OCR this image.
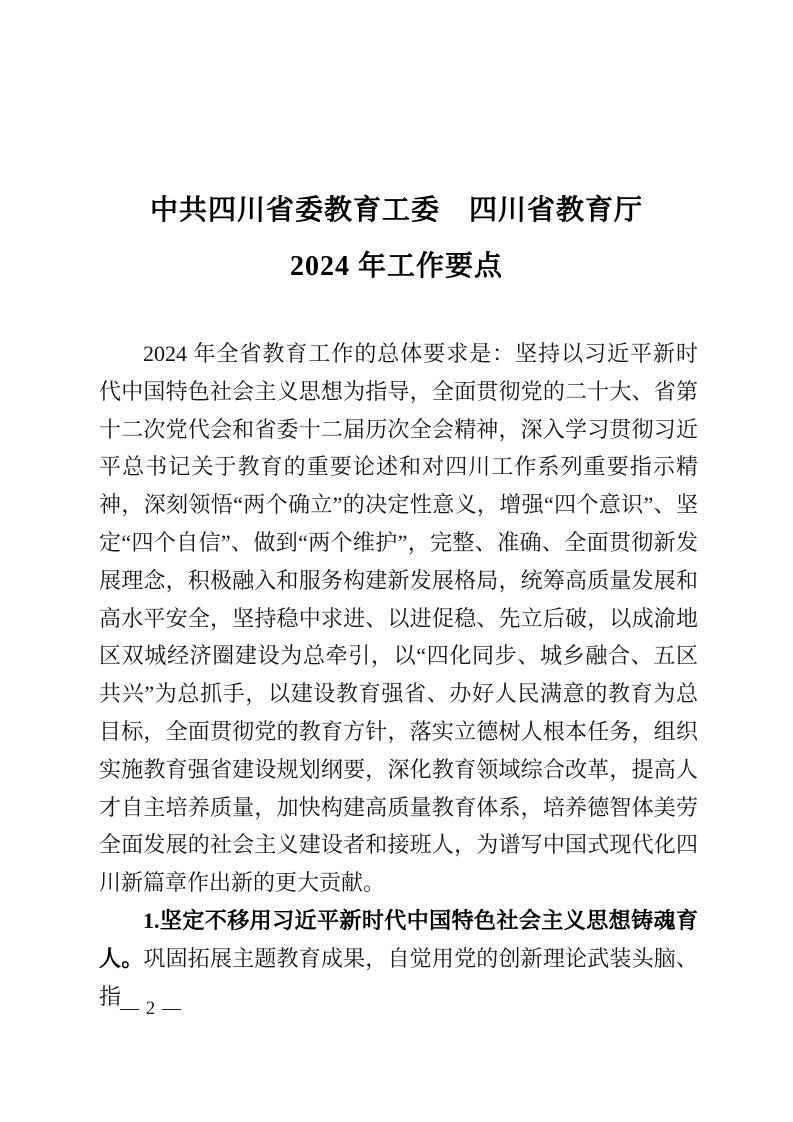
中共四川省委教育工委　四川省教育厅
2024 年工作要点

2024 年全省教育工作的总体要求是：坚持以习近平新时代中国特色社会主义思想为指导，全面贯彻党的二十大、省第十二次党代会和省委十二届历次全会精神，深入学习贯彻习近平总书记关于教育的重要论述和对四川工作系列重要指示精神，深刻领悟“两个确立”的决定性意义，增强“四个意识”、坚定“四个自信”、做到“两个维护”，完整、准确、全面贯彻新发展理念，积极融入和服务构建新发展格局，统筹高质量发展和高水平安全，坚持稳中求进、以进促稳、先立后破，以成渝地区双城经济圈建设为总牵引，以“四化同步、城乡融合、五区共兴”为总抓手，以建设教育强省、办好人民满意的教育为总目标，全面贯彻党的教育方针，落实立德树人根本任务，组织实施教育强省建设规划纲要，深化教育领域综合改革，提高人才自主培养质量，加快构建高质量教育体系，培养德智体美劳全面发展的社会主义建设者和接班人，为谱写中国式现代化四川新篇章作出新的更大贡献。

1.坚定不移用习近平新时代中国特色社会主义思想铸魂育人。巩固拓展主题教育成果，自觉用党的创新理论武装头脑、指

— 2 —
